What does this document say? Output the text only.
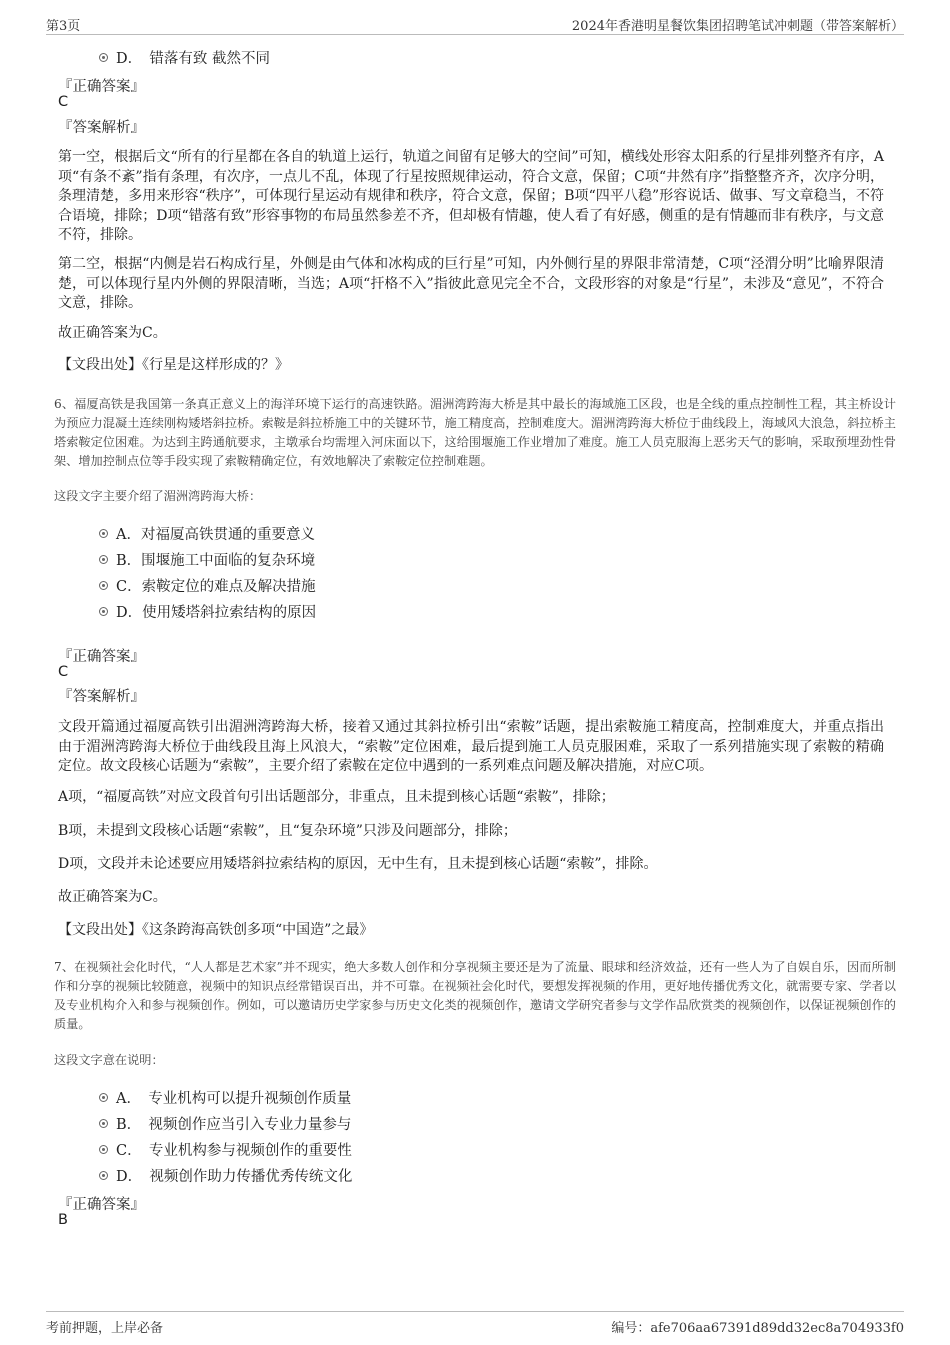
第3页	2024年香港明星餐饮集团招聘笔试冲刺题（带答案解析）
D．　错落有致 截然不同
『正确答案』
C
『答案解析』
第一空，根据后文“所有的行星都在各自的轨道上运行，轨道之间留有足够大的空间”可知，横线处形容太阳系的行星排列整齐有序，A项“有条不紊”指有条理，有次序，一点儿不乱，体现了行星按照规律运动，符合文意，保留；C项“井然有序”指整整齐齐，次序分明，条理清楚，多用来形容“秩序”，可体现行星运动有规律和秩序，符合文意，保留；B项“四平八稳”形容说话、做事、写文章稳当，不符合语境，排除；D项“错落有致”形容事物的布局虽然参差不齐，但却极有情趣，使人看了有好感，侧重的是有情趣而非有秩序，与文意不符，排除。
第二空，根据“内侧是岩石构成行星，外侧是由气体和冰构成的巨行星”可知，内外侧行星的界限非常清楚，C项“泾渭分明”比喻界限清楚，可以体现行星内外侧的界限清晰，当选；A项“扞格不入”指彼此意见完全不合，文段形容的对象是“行星”，未涉及“意见”，不符合文意，排除。
故正确答案为C。
【文段出处】《行星是这样形成的？》
6、福厦高铁是我国第一条真正意义上的海洋环境下运行的高速铁路。湄洲湾跨海大桥是其中最长的海域施工区段，也是全线的重点控制性工程，其主桥设计为预应力混凝土连续刚构矮塔斜拉桥。索鞍是斜拉桥施工中的关键环节，施工精度高，控制难度大。湄洲湾跨海大桥位于曲线段上，海域风大浪急，斜拉桥主塔索鞍定位困难。为达到主跨通航要求，主墩承台均需埋入河床面以下，这给围堰施工作业增加了难度。施工人员克服海上恶劣天气的影响，采取预埋劲性骨架、增加控制点位等手段实现了索鞍精确定位，有效地解决了索鞍定位控制难题。
这段文字主要介绍了湄洲湾跨海大桥：
A．对福厦高铁贯通的重要意义
B．围堰施工中面临的复杂环境
C．索鞍定位的难点及解决措施
D．使用矮塔斜拉索结构的原因
『正确答案』
C
『答案解析』
文段开篇通过福厦高铁引出湄洲湾跨海大桥，接着又通过其斜拉桥引出“索鞍”话题，提出索鞍施工精度高，控制难度大，并重点指出由于湄洲湾跨海大桥位于曲线段且海上风浪大，“索鞍”定位困难，最后提到施工人员克服困难，采取了一系列措施实现了索鞍的精确定位。故文段核心话题为“索鞍”，主要介绍了索鞍在定位中遇到的一系列难点问题及解决措施，对应C项。
A项，“福厦高铁”对应文段首句引出话题部分，非重点，且未提到核心话题“索鞍”，排除；
B项，未提到文段核心话题“索鞍”，且“复杂环境”只涉及问题部分，排除；
D项，文段并未论述要应用矮塔斜拉索结构的原因，无中生有，且未提到核心话题“索鞍”，排除。
故正确答案为C。
【文段出处】《这条跨海高铁创多项“中国造”之最》
7、在视频社会化时代，“人人都是艺术家”并不现实，绝大多数人创作和分享视频主要还是为了流量、眼球和经济效益，还有一些人为了自娱自乐，因而所制作和分享的视频比较随意，视频中的知识点经常错误百出，并不可靠。在视频社会化时代，要想发挥视频的作用，更好地传播优秀文化，就需要专家、学者以及专业机构介入和参与视频创作。例如，可以邀请历史学家参与历史文化类的视频创作，邀请文学研究者参与文学作品欣赏类的视频创作，以保证视频创作的质量。
这段文字意在说明：
A．　专业机构可以提升视频创作质量
B．　视频创作应当引入专业力量参与
C．　专业机构参与视频创作的重要性
D．　视频创作助力传播优秀传统文化
『正确答案』
B
考前押题，上岸必备	编号：afe706aa67391d89dd32ec8a704933f0
